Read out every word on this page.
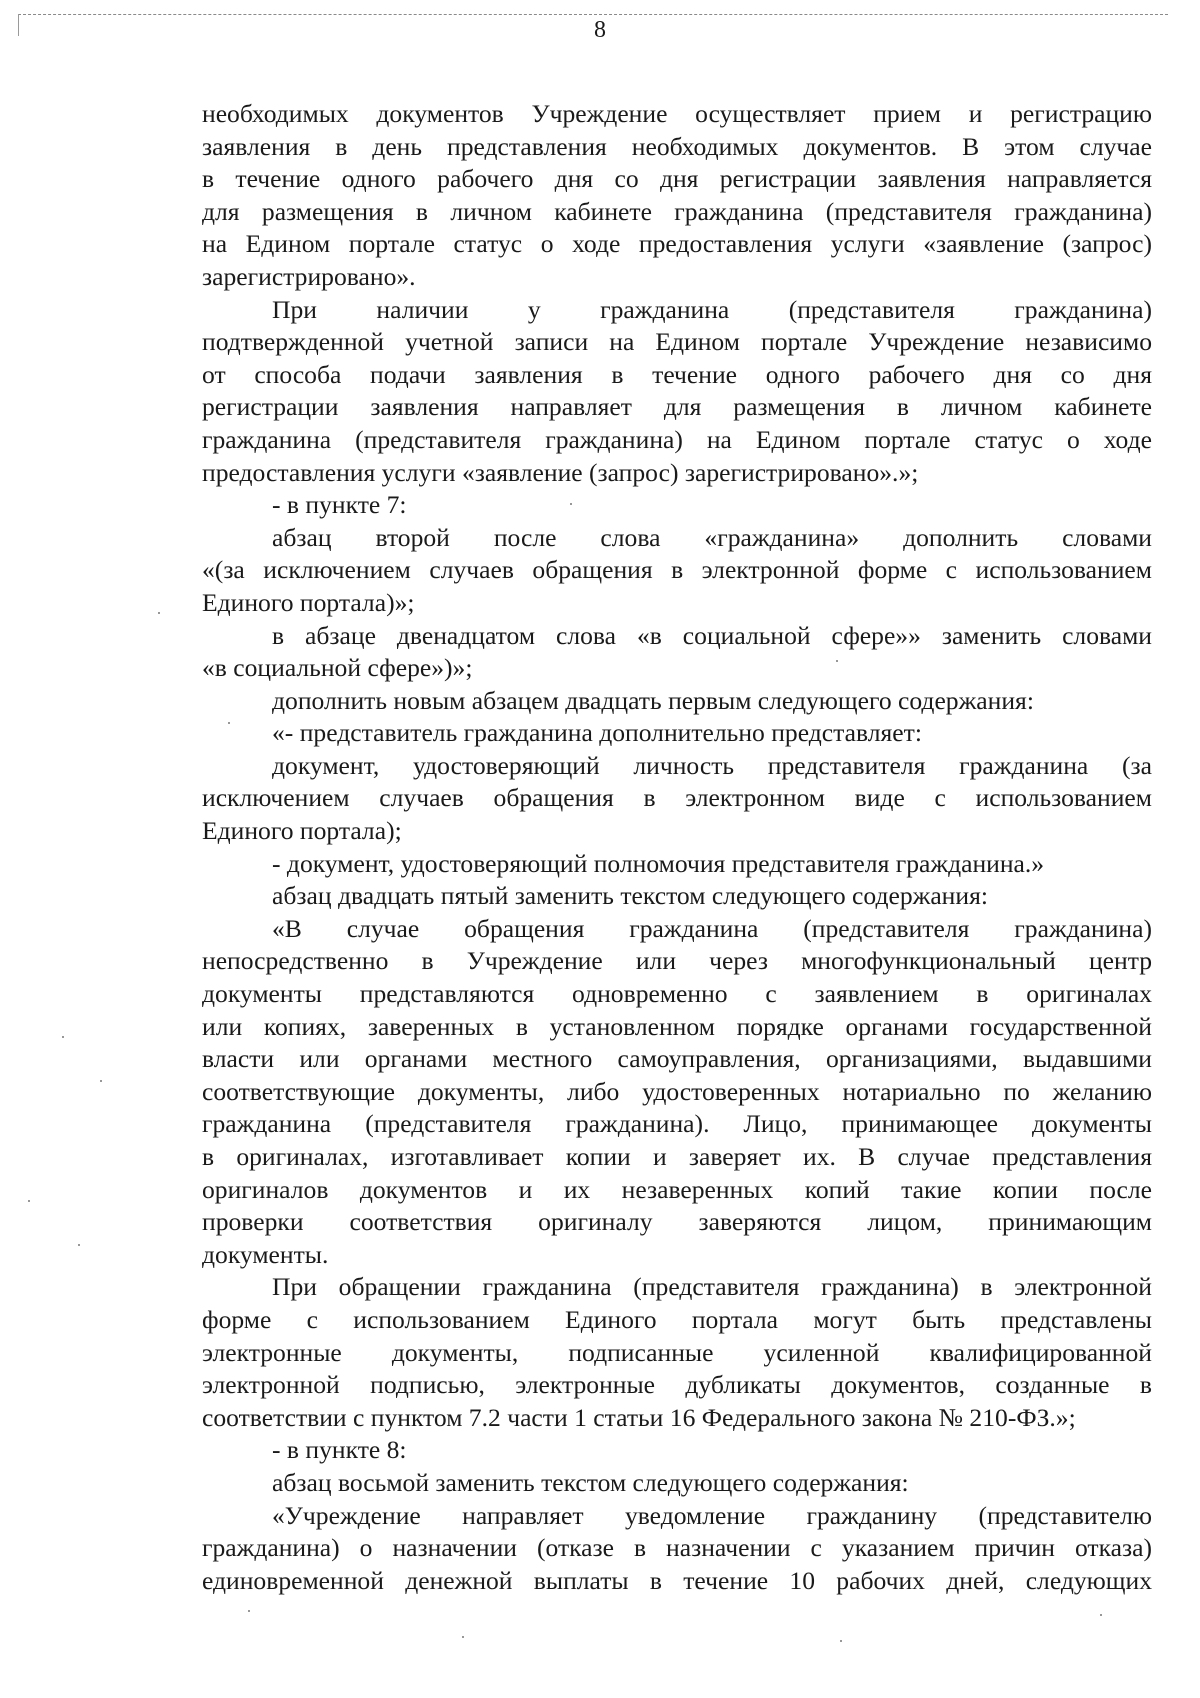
8
необходимых документов Учреждение осуществляет прием и регистрацию
заявления в день представления необходимых документов. В этом случае
в течение одного рабочего дня со дня регистрации заявления направляется
для размещения в личном кабинете гражданина (представителя гражданина)
на Едином портале статус о ходе предоставления услуги «заявление (запрос)
зарегистрировано».
При наличии у гражданина (представителя гражданина)
подтвержденной учетной записи на Едином портале Учреждение независимо
от способа подачи заявления в течение одного рабочего дня со дня
регистрации заявления направляет для размещения в личном кабинете
гражданина (представителя гражданина) на Едином портале статус о ходе
предоставления услуги «заявление (запрос) зарегистрировано».»;
- в пункте 7:
абзац второй после слова «гражданина» дополнить словами
«(за исключением случаев обращения в электронной форме с использованием
Единого портала)»;
в абзаце двенадцатом слова «в социальной сфере»» заменить словами
«в социальной сфере»)»;
дополнить новым абзацем двадцать первым следующего содержания:
«- представитель гражданина дополнительно представляет:
документ, удостоверяющий личность представителя гражданина (за
исключением случаев обращения в электронном виде с использованием
Единого портала);
- документ, удостоверяющий полномочия представителя гражданина.»
абзац двадцать пятый заменить текстом следующего содержания:
«В случае обращения гражданина (представителя гражданина)
непосредственно в Учреждение или через многофункциональный центр
документы представляются одновременно с заявлением в оригиналах
или копиях, заверенных в установленном порядке органами государственной
власти или органами местного самоуправления, организациями, выдавшими
соответствующие документы, либо удостоверенных нотариально по желанию
гражданина (представителя гражданина). Лицо, принимающее документы
в оригиналах, изготавливает копии и заверяет их. В случае представления
оригиналов документов и их незаверенных копий такие копии после
проверки соответствия оригиналу заверяются лицом, принимающим
документы.
При обращении гражданина (представителя гражданина) в электронной
форме с использованием Единого портала могут быть представлены
электронные документы, подписанные усиленной квалифицированной
электронной подписью, электронные дубликаты документов, созданные в
соответствии с пунктом 7.2 части 1 статьи 16 Федерального закона № 210-ФЗ.»;
- в пункте 8:
абзац восьмой заменить текстом следующего содержания:
«Учреждение направляет уведомление гражданину (представителю
гражданина) о назначении (отказе в назначении с указанием причин отказа)
единовременной денежной выплаты в течение 10 рабочих дней, следующих
